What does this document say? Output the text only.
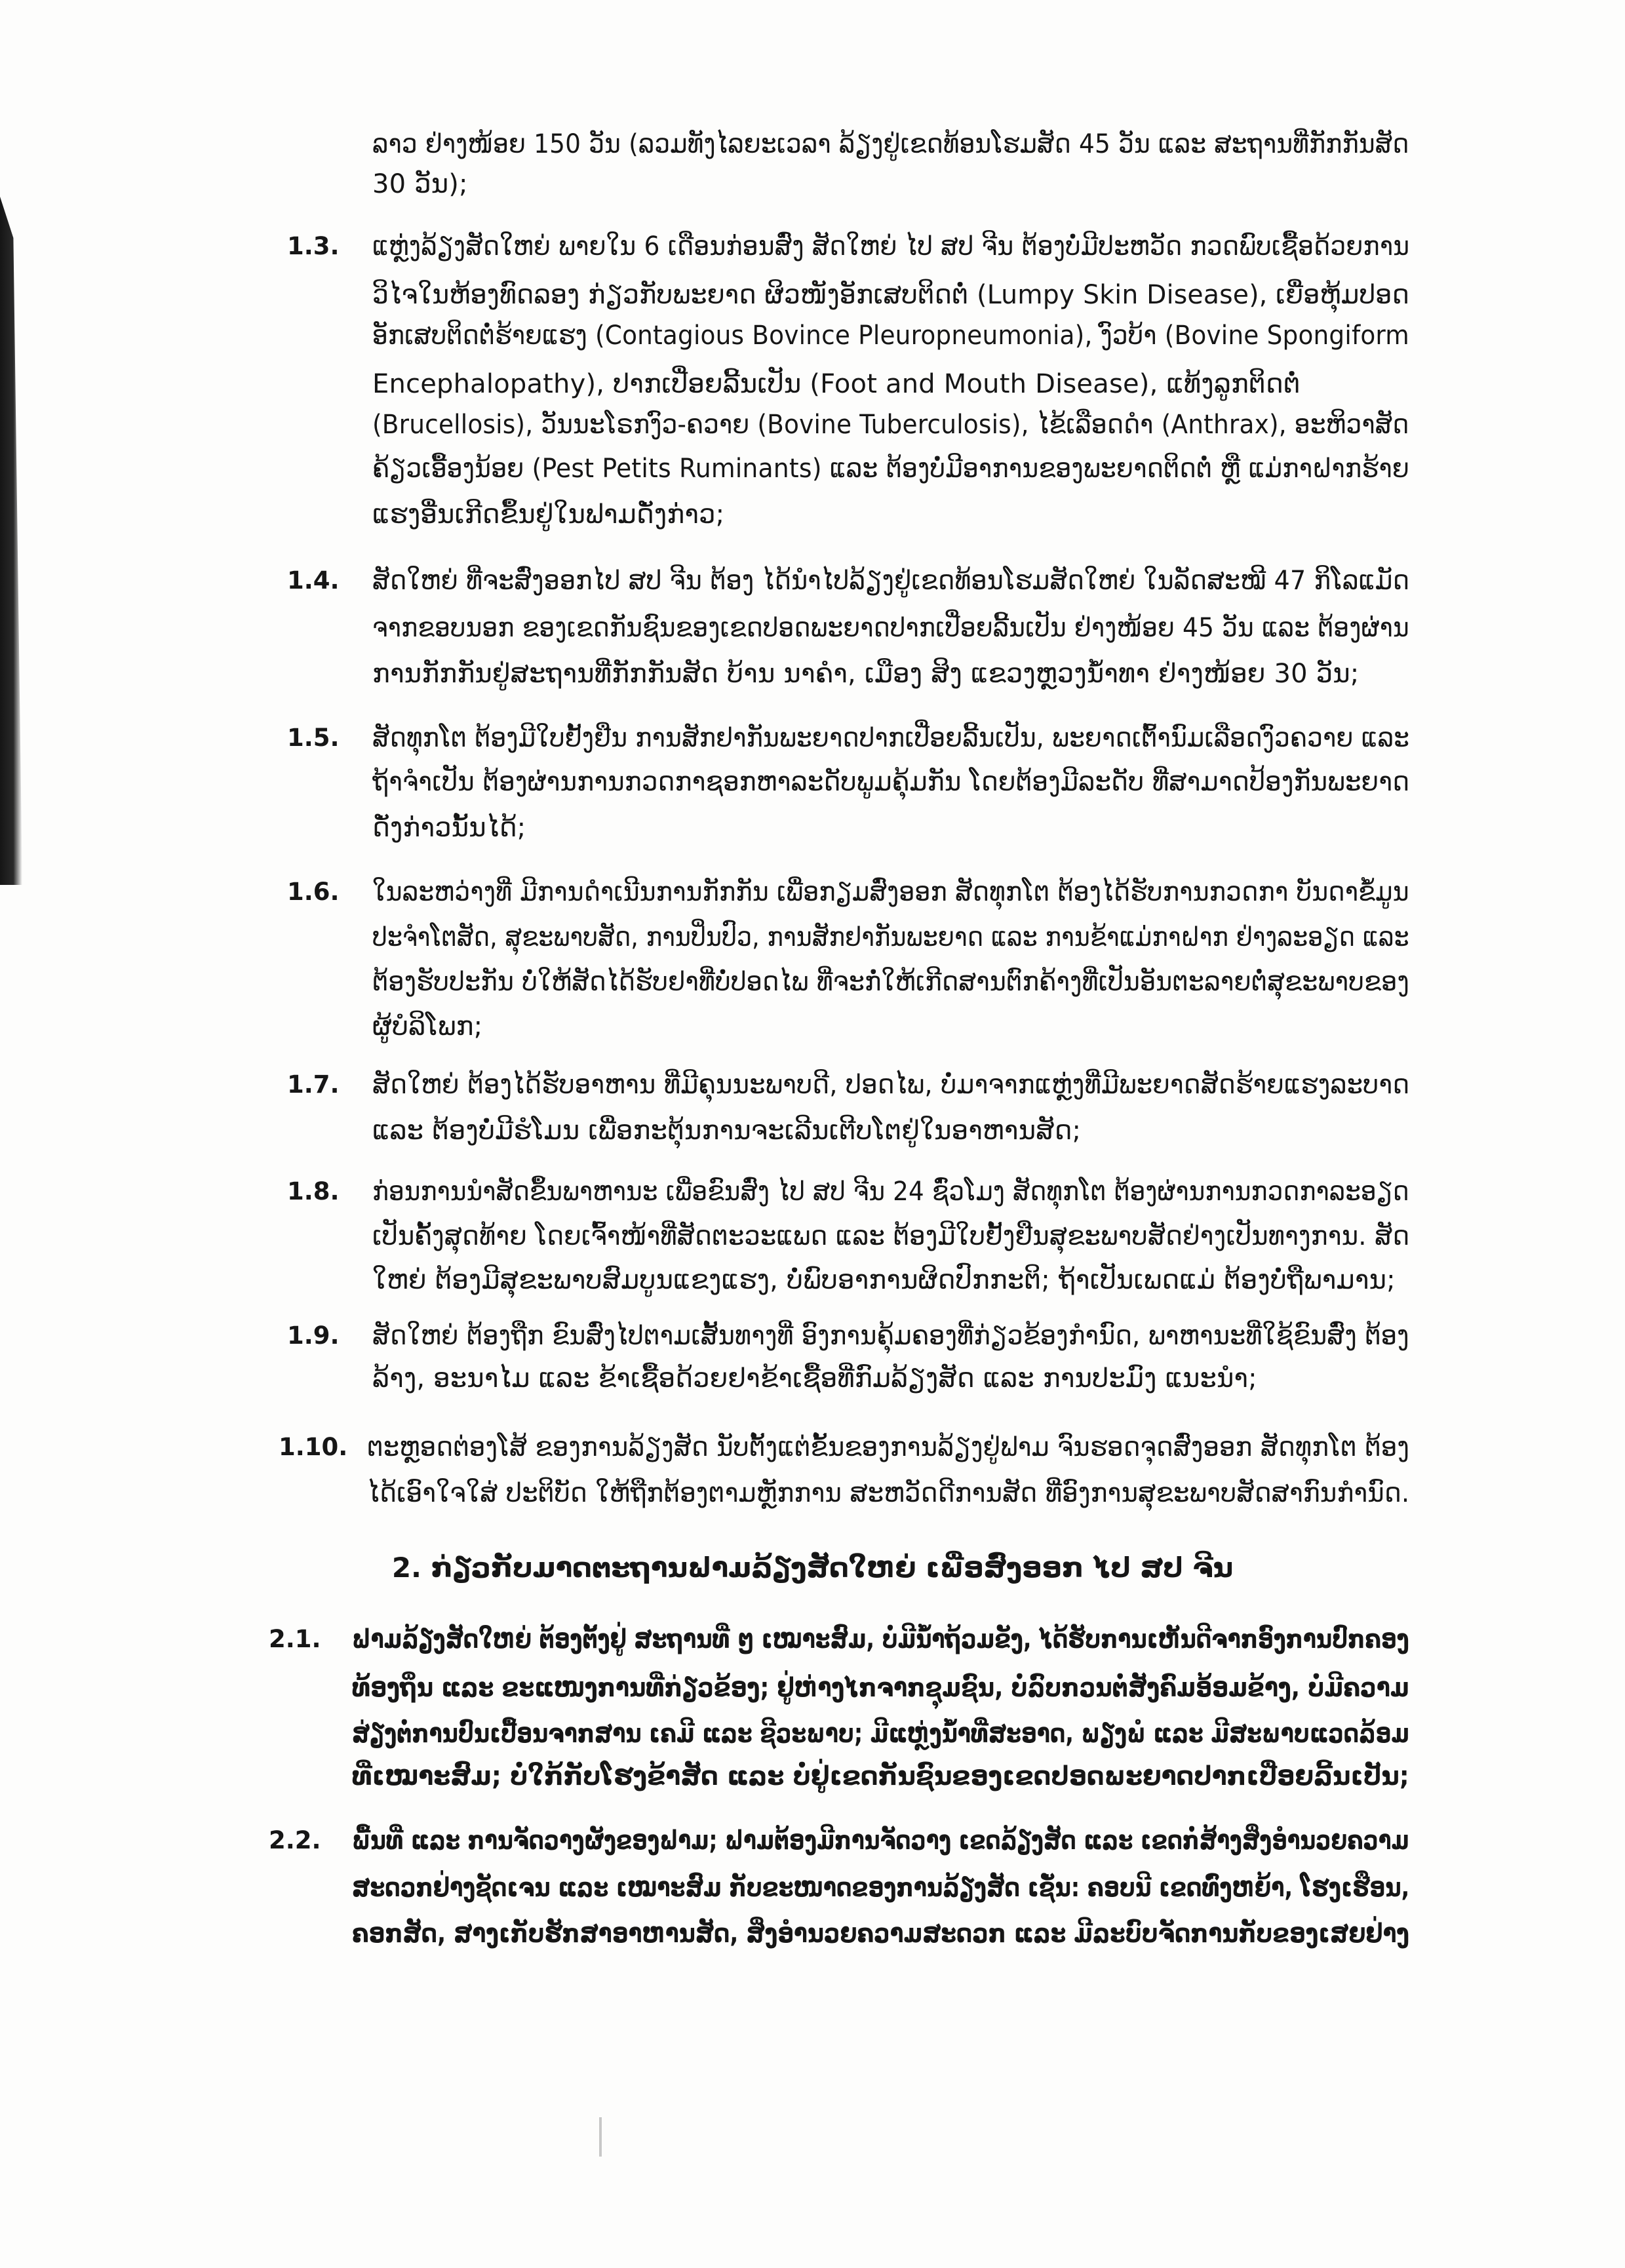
ລາວ ຢ່າງໜ້ອຍ 150 ວັນ (ລວມທັງໄລຍະເວລາ ລ້ຽງຢູ່ເຂດທ້ອນໂຮມສັດ 45 ວັນ ແລະ ສະຖານທີ່ກັກກັນສັດ
30 ວັນ);
1.3. ແຫຼ່ງລ້ຽງສັດໃຫຍ່ ພາຍໃນ 6 ເດືອນກ່ອນສົ່ງ ສັດໃຫຍ່ ໄປ ສປ ຈີນ ຕ້ອງບໍ່ມີປະຫວັດ ກວດພົບເຊື້ອດ້ວຍການ
ວິໄຈໃນຫ້ອງທົດລອງ ກ່ຽວກັບພະຍາດ ຜິວໜັງອັກເສບຕິດຕໍ່ (Lumpy Skin Disease), ເຍື່ອຫຸ້ມປອດ
ອັກເສບຕິດຕໍ່ຮ້າຍແຮງ (Contagious Bovince Pleuropneumonia), ງົວບ້າ (Bovine Spongiform
Encephalopathy), ປາກເປື່ອຍລີ້ນເປັນ (Foot and Mouth Disease), ແທ້ງລູກຕິດຕໍ່
(Brucellosis), ວັນນະໂຣກງົວ-ຄວາຍ (Bovine Tuberculosis), ໄຂ້ເລືອດດຳ (Anthrax), ອະຫິວາສັດ
ຄ້ຽວເອື້ອງນ້ອຍ (Pest Petits Ruminants) ແລະ ຕ້ອງບໍ່ມີອາການຂອງພະຍາດຕິດຕໍ່ ຫຼື ແມ່ກາຝາກຮ້າຍ
ແຮງອື່ນເກີດຂຶ້ນຢູ່ໃນຟາມດັ່ງກ່າວ;
1.4. ສັດໃຫຍ່ ທີ່ຈະສົ່ງອອກໄປ ສປ ຈີນ ຕ້ອງ ໄດ້ນຳໄປລ້ຽງຢູ່ເຂດທ້ອນໂຮມສັດໃຫຍ່ ໃນລັດສະໝີ 47 ກິໂລແມັດ
ຈາກຂອບນອກ ຂອງເຂດກັນຊົນຂອງເຂດປອດພະຍາດປາກເປື່ອຍລີ້ນເປັນ ຢ່າງໜ້ອຍ 45 ວັນ ແລະ ຕ້ອງຜ່ານ
ການກັກກັນຢູ່ສະຖານທີ່ກັກກັນສັດ ບ້ານ ນາຄຳ, ເມືອງ ສິງ ແຂວງຫຼວງນ້ຳທາ ຢ່າງໜ້ອຍ 30 ວັນ;
1.5. ສັດທຸກໂຕ ຕ້ອງມີໃບຢັ້ງຢືນ ການສັກຢາກັນພະຍາດປາກເປື່ອຍລີ້ນເປັນ, ພະຍາດເຕົ້ານົມເລືອດງົວຄວາຍ ແລະ
ຖ້າຈຳເປັນ ຕ້ອງຜ່ານການກວດກາຊອກຫາລະດັບພູມຄຸ້ມກັນ ໂດຍຕ້ອງມີລະດັບ ທີ່ສາມາດປ້ອງກັນພະຍາດ
ດັ່ງກ່າວນັ້ນໄດ້;
1.6. ໃນລະຫວ່າງທີ່ ມີການດຳເນີນການກັກກັນ ເພື່ອກຽມສົ່ງອອກ ສັດທຸກໂຕ ຕ້ອງໄດ້ຮັບການກວດກາ ບັນດາຂໍ້ມູນ
ປະຈຳໂຕສັດ, ສຸຂະພາບສັດ, ການປິ່ນປົວ, ການສັກຢາກັນພະຍາດ ແລະ ການຂ້າແມ່ກາຝາກ ຢ່າງລະອຽດ ແລະ
ຕ້ອງຮັບປະກັນ ບໍ່ໃຫ້ສັດໄດ້ຮັບຢາທີ່ບໍ່ປອດໄພ ທີ່ຈະກໍ່ໃຫ້ເກີດສານຕົກຄ້າງທີ່ເປັນອັນຕະລາຍຕໍ່ສຸຂະພາບຂອງ
ຜູ້ບໍລິໂພກ;
1.7. ສັດໃຫຍ່ ຕ້ອງໄດ້ຮັບອາຫານ ທີ່ມີຄຸນນະພາບດີ, ປອດໄພ, ບໍ່ມາຈາກແຫຼ່ງທີ່ມີພະຍາດສັດຮ້າຍແຮງລະບາດ
ແລະ ຕ້ອງບໍ່ມີຮໍໂມນ ເພື່ອກະຕຸ້ນການຈະເລີນເຕີບໂຕຢູ່ໃນອາຫານສັດ;
1.8. ກ່ອນການນຳສັດຂຶ້ນພາຫານະ ເພື່ອຂົນສົ່ງ ໄປ ສປ ຈີນ 24 ຊົ່ວໂມງ ສັດທຸກໂຕ ຕ້ອງຜ່ານການກວດກາລະອຽດ
ເປັນຄັ້ງສຸດທ້າຍ ໂດຍເຈົ້າໜ້າທີ່ສັດຕະວະແພດ ແລະ ຕ້ອງມີໃບຢັ້ງຢືນສຸຂະພາບສັດຢ່າງເປັນທາງການ. ສັດ
ໃຫຍ່ ຕ້ອງມີສຸຂະພາບສົມບູນແຂງແຮງ, ບໍ່ພົບອາການຜິດປົກກະຕິ; ຖ້າເປັນເພດແມ່ ຕ້ອງບໍ່ຖືພາມານ;
1.9. ສັດໃຫຍ່ ຕ້ອງຖືກ ຂົນສົ່ງໄປຕາມເສັ້ນທາງທີ່ ອົງການຄຸ້ມຄອງທີ່ກ່ຽວຂ້ອງກຳນົດ, ພາຫານະທີ່ໃຊ້ຂົນສົ່ງ ຕ້ອງ
ລ້າງ, ອະນາໄມ ແລະ ຂ້າເຊື້ອດ້ວຍຢາຂ້າເຊື້ອທີ່ກົມລ້ຽງສັດ ແລະ ການປະມົງ ແນະນຳ;
1.10. ຕະຫຼອດຕ່ອງໂສ້ ຂອງການລ້ຽງສັດ ນັບຕັ້ງແຕ່ຂັ້ນຂອງການລ້ຽງຢູ່ຟາມ ຈົນຮອດຈຸດສົ່ງອອກ ສັດທຸກໂຕ ຕ້ອງ
ໄດ້ເອົາໃຈໃສ່ ປະຕິບັດ ໃຫ້ຖືກຕ້ອງຕາມຫຼັກການ ສະຫວັດດີການສັດ ທີ່ອົງການສຸຂະພາບສັດສາກົນກຳນົດ.
2. ກ່ຽວກັບມາດຕະຖານຟາມລ້ຽງສັດໃຫຍ່ ເພື່ອສົ່ງອອກ ໄປ ສປ ຈີນ
2.1. ຟາມລ້ຽງສັດໃຫຍ່ ຕ້ອງຕັ້ງຢູ່ ສະຖານທີ່ ໆ ເໝາະສົມ, ບໍ່ມີນ້ຳຖ້ວມຂັງ, ໄດ້ຮັບການເຫັນດີຈາກອົງການປົກຄອງ
ທ້ອງຖິ່ນ ແລະ ຂະແໜງການທີ່ກ່ຽວຂ້ອງ; ຢູ່ຫ່າງໄກຈາກຊຸມຊົນ, ບໍ່ລົບກວນຕໍ່ສັງຄົມອ້ອມຂ້າງ, ບໍ່ມີຄວາມ
ສ່ຽງຕໍ່ການປົນເປື້ອນຈາກສານ ເຄມີ ແລະ ຊີວະພາບ; ມີແຫຼ່ງນ້ຳທີ່ສະອາດ, ພຽງພໍ ແລະ ມີສະພາບແວດລ້ອມ
ທີ່ເໝາະສົມ; ບໍ່ໃກ້ກັບໂຮງຂ້າສັດ ແລະ ບໍ່ຢູ່ເຂດກັນຊົນຂອງເຂດປອດພະຍາດປາກເປື່ອຍລີ້ນເປັນ;
2.2. ພື້ນທີ່ ແລະ ການຈັດວາງຜັງຂອງຟາມ; ຟາມຕ້ອງມີການຈັດວາງ ເຂດລ້ຽງສັດ ແລະ ເຂດກໍ່ສ້າງສິ່ງອຳນວຍຄວາມ
ສະດວກຢ່າງຊັດເຈນ ແລະ ເໝາະສົມ ກັບຂະໜາດຂອງການລ້ຽງສັດ ເຊັ່ນ: ຄອບນີ ເຂດທົ່ງຫຍ້າ, ໂຮງເຮືອນ,
ຄອກສັດ, ສາງເກັບຮັກສາອາຫານສັດ, ສິ່ງອຳນວຍຄວາມສະດວກ ແລະ ມີລະບົບຈັດການກັບຂອງເສຍຢ່າງ
